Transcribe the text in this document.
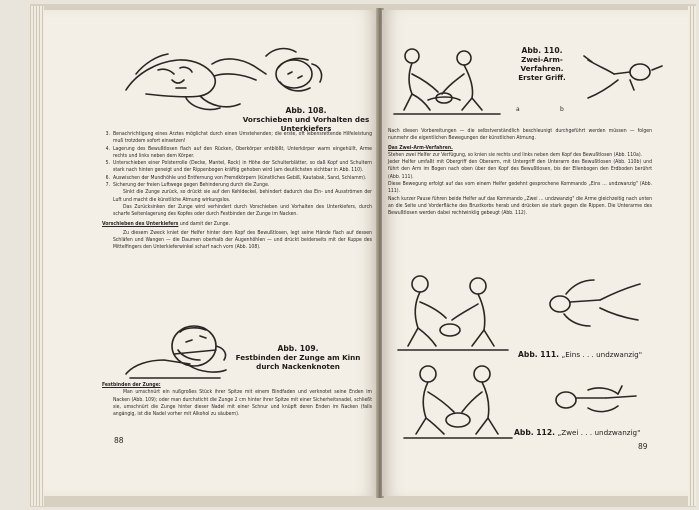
Abb. 108.
Vorschieben und Vorhalten des Unterkiefers
3. Benachrichtigung eines Arztes möglichst durch einen Umstehenden; die erste, oft lebensrettende Hilfeleistung muß trotzdem sofort einsetzen!
4. Lagerung des Bewußtlosen flach auf den Rücken, Oberkörper entblößt, Unterkörper warm eingehüllt, Arme rechts und links neben dem Körper.
5. Unterschieben einer Polsterrolle (Decke, Mantel, Rock) in Höhe der Schulterblätter, so daß Kopf und Schultern stark nach hinten geneigt und der Rippenbogen kräftig gehoben wird (am deutlichsten sichtbar in Abb. 110).
6. Auswischen der Mundhöhle und Entfernung von Fremdkörpern (künstliches Gebiß, Kautabak, Sand, Schlamm).
7. Sicherung der freien Luftwege gegen Behinderung durch die Zunge.

Sinkt die Zunge zurück, so drückt sie auf den Kehldeckel, behindert dadurch das Ein- und Ausströmen der Luft und macht die künstliche Atmung wirkungslos.

Das Zurücksinken der Zunge wird verhindert durch Vorschieben und Vorhalten des Unterkiefers, durch scharfe Seitenlagerung des Kopfes oder durch Festbinden der Zunge im Nacken.

Vorschieben des Unterkiefers und damit der Zunge.

Zu diesem Zweck kniet der Helfer hinter dem Kopf des Bewußtlosen, legt seine Hände flach auf dessen Schläfen und Wangen — die Daumen oberhalb der Augenhöhlen — und drückt beiderseits mit der Kuppe des Mittelfingers den Unterkieferwinkel scharf nach vorn (Abb. 108).

Abb. 109.
Festbinden der Zunge am Kinn durch Nackenknoten

Festbinden der Zunge:

Man umschnürt ein nußgroßes Stück ihrer Spitze mit einem Bindfaden und verknotet seine Enden im Nacken (Abb. 109); oder man durchsticht die Zunge 2 cm hinter ihrer Spitze mit einer Sicherheitsnadel, schließt sie, umschnürt die Zunge hinter dieser Nadel mit einer Schnur und knüpft deren Enden im Nacken (falls angängig, ist die Nadel vorher mit Alkohol zu säubern).

88
a	b
Abb. 110.
Zwei-Arm-Verfahren. Erster Griff.

Nach diesen Vorbereitungen — die selbstverständlich beschleunigt durchgeführt werden müssen — folgen nunmehr die eigentlichen Bewegungen der künstlichen Atmung.

Das Zwei-Arm-Verfahren.

Stehen zwei Helfer zur Verfügung, so knien sie rechts und links neben dem Kopf des Bewußtlosen (Abb. 110a).

Jeder Helfer umfaßt mit Obergriff den Oberarm, mit Untergriff den Unterarm des Bewußtlosen (Abb. 110b) und führt den Arm im Bogen nach oben über den Kopf des Bewußtlosen, bis der Ellenbogen den Erdboden berührt (Abb. 111).

Diese Bewegung erfolgt auf das vom einem Helfer gedehnt gesprochene Kommando „Eins … undzwanzig" (Abb. 111).

Nach kurzer Pause führen beide Helfer auf das Kommando „Zwei … undzwanzig" die Arme gleichzeitig nach unten an die Seite und Vorderfläche des Brustkorbs herab und drücken sie stark gegen die Rippen. Die Unterarme des Bewußtlosen werden dabei rechtwinklig gebeugt (Abb. 112).

Abb. 111. „Eins . . . undzwanzig"
Abb. 112. „Zwei . . . undzwanzig"
89
